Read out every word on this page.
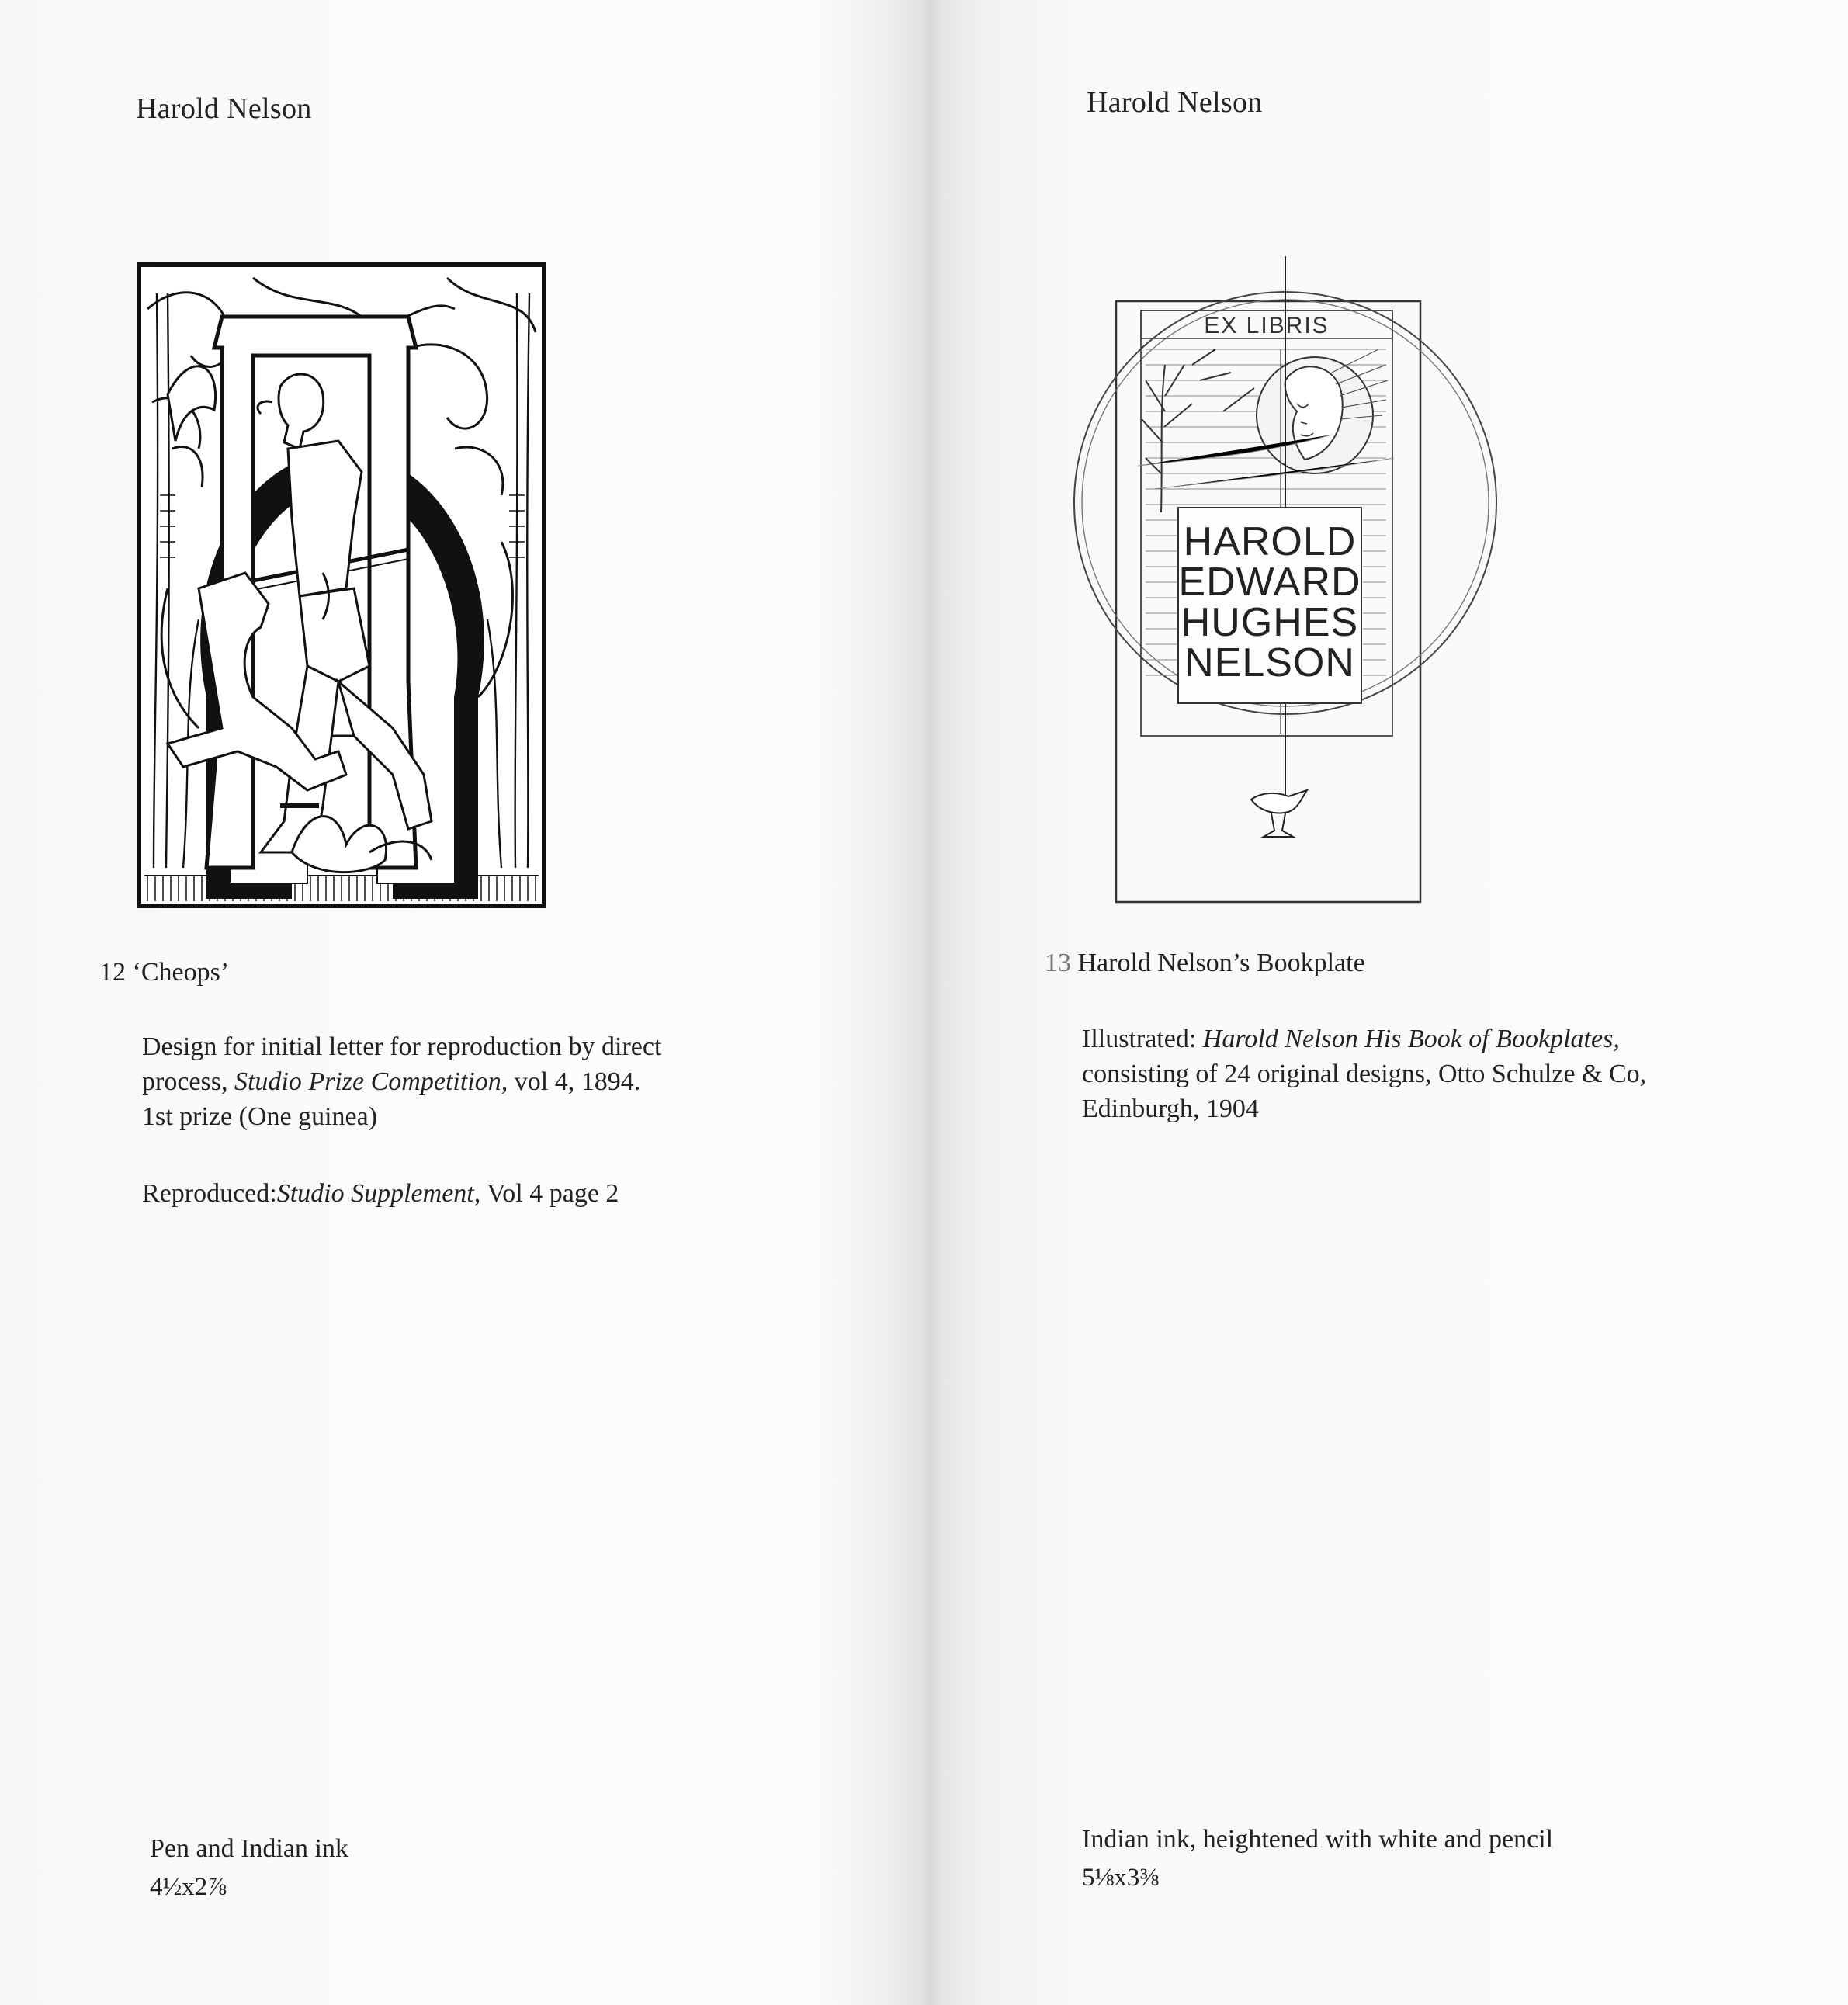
Harold Nelson
12 ‘Cheops’
Design for initial letter for reproduction by direct
process, Studio Prize Competition, vol 4, 1894.
1st prize (One guinea)
Reproduced:Studio Supplement, Vol 4 page 2
Pen and Indian ink
4½x2⅞
Harold Nelson
EX LIBRIS
HAROLD
EDWARD
HUGHES
NELSON
13 Harold Nelson’s Bookplate
Illustrated: Harold Nelson His Book of Bookplates,
consisting of 24 original designs, Otto Schulze & Co,
Edinburgh, 1904
Indian ink, heightened with white and pencil
5⅛x3⅜
